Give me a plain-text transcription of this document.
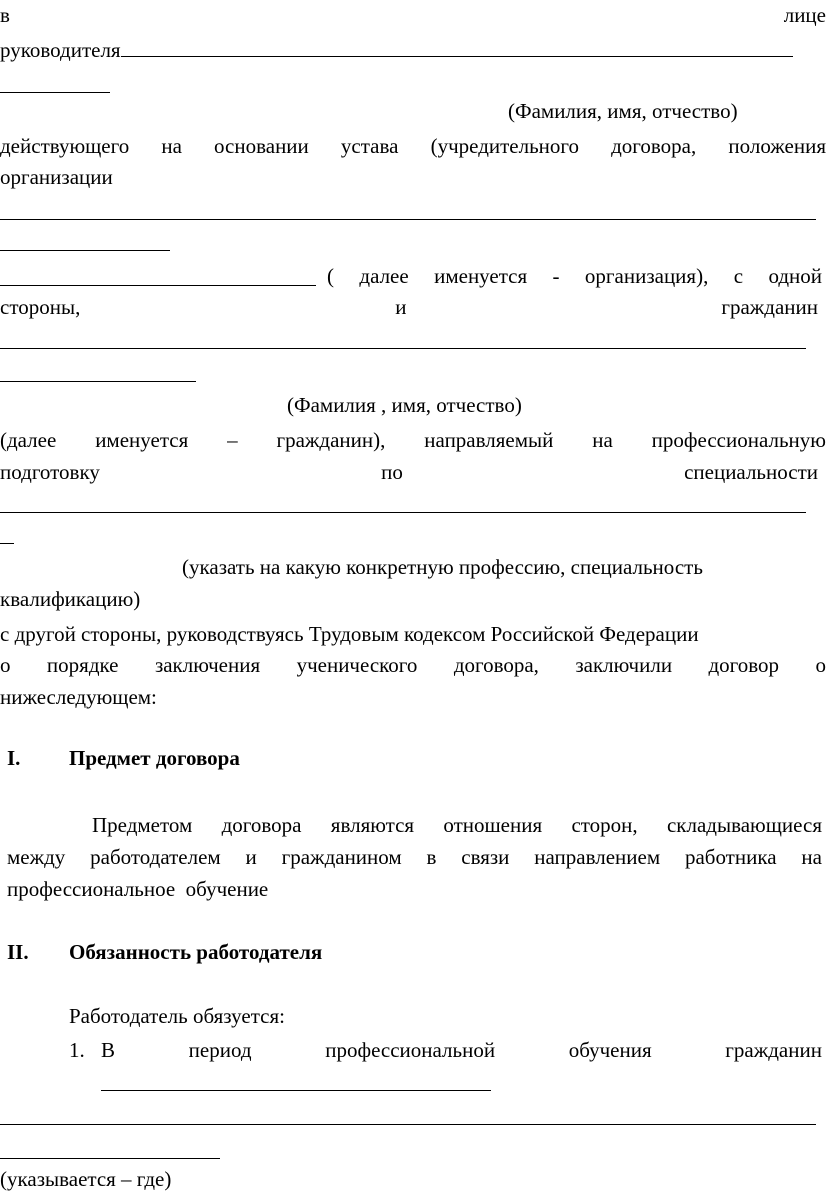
в	лице
руководителя
(Фамилия, имя, отчество)
действующего на основании устава (учредительного договора, положения
организации
( далее именуется - организация), с одной
стороны,	и	гражданин
(Фамилия , имя, отчество)
(далее именуется – гражданин), направляемый на профессиональную
подготовку	по	специальности
(указать на какую конкретную профессию, специальность
квалификацию)
с другой стороны, руководствуясь Трудовым кодексом Российской Федерации
о порядке заключения ученического договора, заключили договор о
нижеследующем:
I. Предмет договора
Предметом договора являются отношения сторон, складывающиеся
между работодателем и гражданином в связи направлением работника на
профессиональное  обучение
II. Обязанность работодателя
Работодатель обязуется:
1. В	период	профессиональной	обучения	гражданин
(указывается – где)
